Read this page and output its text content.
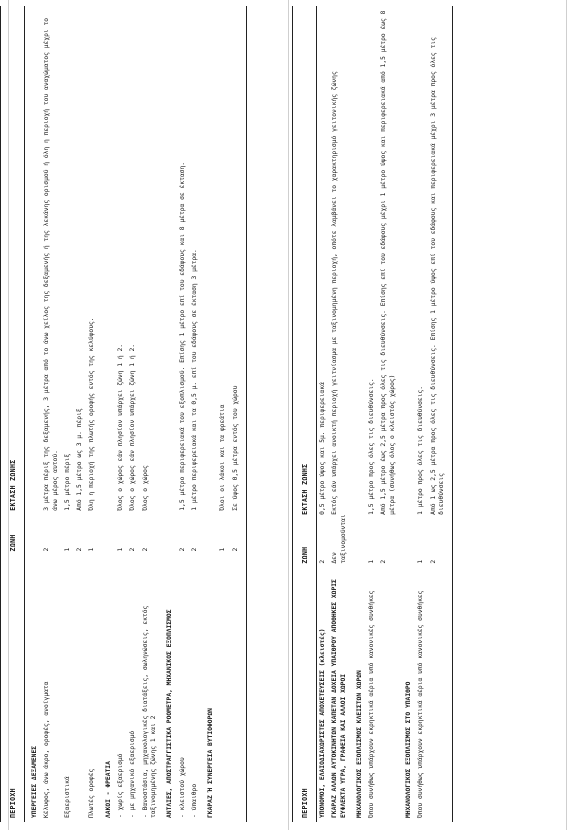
ΠΕΡΙΟΧΗ	ΖΩΝΗ	ΕΚΤΑΣΗ ΖΩΝΗΣ
ΥΠΕΡΓΕΙΕΣ ΔΕΞΑΜΕΝΕΣ		
Κέλυφος, άνω άκρο, οροφές, ανοίγματα	2	3 μέτρα πέριξ της δεξαμενής, 3 μέτρα από το άνω χείλος της δεξαμενής ή της λεκάνης ορισμού ή όλη η περιοχή του αναχώματος μέχρι το άνω μέρος αυτού.
Εξαεριστικά	1	1,5 μέτρο πέριξ
	2	Από 1,5 μέτρο ως 3 μ. πέριξ
Πλωτές οροφές	1	Όλη η περιοχή της πλωτής οροφής εντός της κελύφους.
ΛΑΚΟΙ - ΦΡΕΑΤΙΑ		
- χωρίς εξαερισμό	1	Όλος ο χώρος εάν πλησίον υπάρχει ζώνη 1 ή 2.
- με μηχανικό εξαερισμό	2	Όλος ο χώρος εάν πλησίον υπάρχει ζώνη 1 ή 2.
- Βανοστάσια, μηχανολογικές διατάξεις, σωληνώσεις, εκτός ταξινομημένης ζώνης 1 και 2	2	Όλος ο χώρος
ΑΝΤΛΙΕΣ, ΑΠΟΣΤΡΑΓΓΙΣΤΙΚΑ ΡΟΟΜΕΤΡΑ, ΜΗΧΑΝΙΚΟΣ ΕΞΟΠΛΙΣΜΟΣ		
- κλειστού χώρου	2	1,5 μέτρο περιφερειακά του εξοπλισμού. Επίσης 1 μέτρο επί του εδάφους και 8 μέτρα σε έκταση.
- ύπαιθρο	2	1 μέτρο περιφερειακά και τα 0,5 μ. επί του εδάφους σε έκταση 3 μέτρα.
ΓΚΑΡΑΖ Ή ΣΥΝΕΡΓΕΙΑ ΒΥΤΙΟΦΟΡΩΝ		
	1	Όλοι οι λάκοι και τα φρεάτια
	2	Σε ύψος 0,5 μέτρα εντός του χώρου
ΠΕΡΙΟΧΗ	ΖΩΝΗ	ΕΚΤΑΣΗ ΖΩΝΗΣ
ΥΠΟΝΟΜΟΙ, ΕΛΑΙΟΔΙΑΧΩΡΙΣΤΕΣ ΑΠΟΧΕΤΕΥΣΕΙΣ (κλειστές)	2	0,5 μέτρο ύψος και 5μ. περιφερειακά
ΓΚΑΡΑΖ ΑΛΛΩΝ ΑΥΤΟΚΙΝΗΤΩΝ ΚΑΠΕΤΑΝ ΔΟΧΕΙΑ ΥΠΑΙΘΡΟΥ ΑΠΟΘΗΚΕΣ ΧΩΡΙΣ ΕΥΦΛΕΚΤΑ ΥΓΡΑ, ΓΡΑΦΕΙΑ ΚΑΙ ΑΛΛΟΙ ΧΩΡΟΙ	Δεν ταξινομούνται	Εκτός εάν υπάρχει ανοικτή περιοχή γειτνίασμα με ταξινομημένη περιοχή, οπότε λαμβάνει το χαρακτηρισμό γειτονικής ζώνης
ΜΗΧΑΝΟΛΟΓΙΚΟΣ ΕΞΟΠΛΙΣΜΟΣ ΚΛΕΙΣΤΩΝ ΧΩΡΩΝ		
Όπου συνήθως υπάρχουν εκρηκτικά αέρια υπό κανονικές συνθήκες	1	1,5 μέτρο προς όλες τις διευθύνσεις.
	2	Από 1,5 μέτρο έως 2,5 μέτρα προς όλες τις διευθύνσεις. Επίσης επί του εδάφους μέχρι 1 μέτρο ύψος και περιφερειακά από 1,5 μέτρο έως 8 μέτρα (συνήθως όλος ο κλειστός χώρος)
ΜΗΧΑΝΟΛΟΓΙΚΟΣ ΕΞΟΠΛΙΣΜΟΣ ΣΤΟ ΥΠΑΙΘΡΟ		
Όπου συνήθως υπάρχουν εκρηκτικά αέρια υπό κανονικές συνθήκες	1	1 μέτρο προς όλες τις διευθύνσεις.
	2	Από 1 ως 2,5 μέτρα προς όλες τις διευθύνσεις. Επίσης 1 μέτρο ύψος επί του εδάφους και περιφερειακά μέχρι 3 μέτρα προς όλες τις διευθύνσεις
